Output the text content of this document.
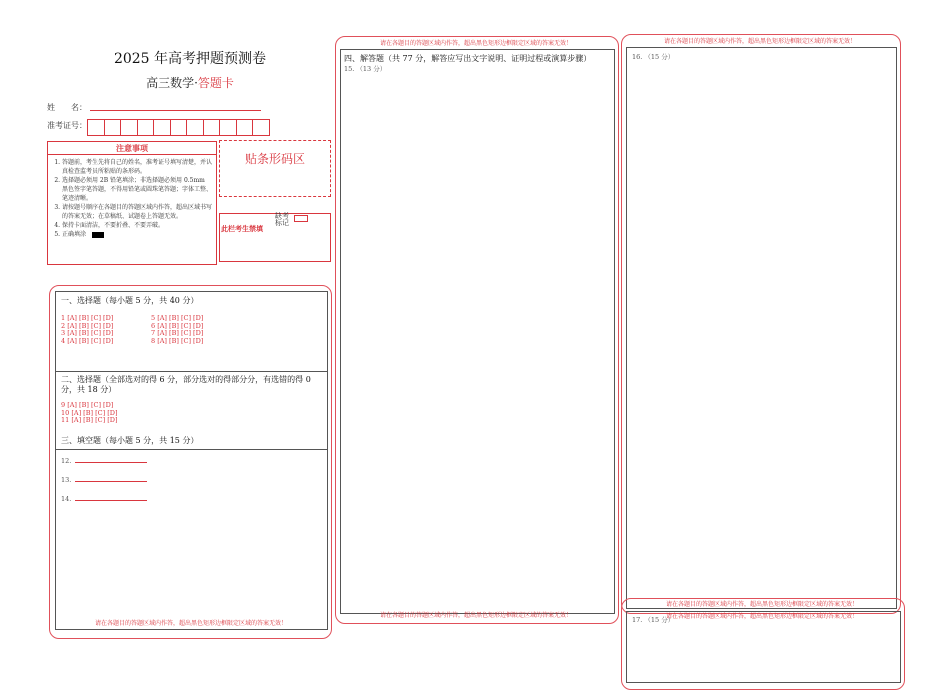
2025 年高考押题预测卷
高三数学·答题卡
姓　　名：
准考证号：
注意事项
1. 答题前，考生先将自己的姓名，准考证号填写清楚，并认真检查监考员所粘贴的条形码。
2. 选择题必须用 2B 铅笔填涂；非选择题必须用 0.5mm 黑色签字笔答题，不得用铅笔或圆珠笔答题；字体工整、笔迹清晰。
3. 请按题号顺序在各题目的答题区域内作答，超出区域书写的答案无效；在草稿纸、试题卷上答题无效。
4. 保持卡面清洁，不要折叠、不要弄破。
5. 正确填涂
贴条形码区
此栏考生禁填
缺考标记
一、选择题（每小题 5 分，共 40 分）
1 [A] [B] [C] [D]
2 [A] [B] [C] [D]
3 [A] [B] [C] [D]
4 [A] [B] [C] [D]
5 [A] [B] [C] [D]
6 [A] [B] [C] [D]
7 [A] [B] [C] [D]
8 [A] [B] [C] [D]
二、选择题（全部选对的得 6 分，部分选对的得部分分，有选错的得 0 分，共 18 分）
9 [A] [B] [C] [D]
10 [A] [B] [C] [D]
11 [A] [B] [C] [D]
三、填空题（每小题 5 分，共 15 分）
12.
13.
14.
请在各题目的答题区域内作答，超出黑色矩形边框限定区域的答案无效！
请在各题目的答题区域内作答，超出黑色矩形边框限定区域的答案无效！
四、解答题（共 77 分，解答应写出文字说明、证明过程或演算步骤）
15. （13 分）
请在各题目的答题区域内作答，超出黑色矩形边框限定区域的答案无效！
请在各题目的答题区域内作答，超出黑色矩形边框限定区域的答案无效！
16. （15 分）
请在各题目的答题区域内作答，超出黑色矩形边框限定区域的答案无效！
17. （15 分）
请在各题目的答题区域内作答，超出黑色矩形边框限定区域的答案无效！
